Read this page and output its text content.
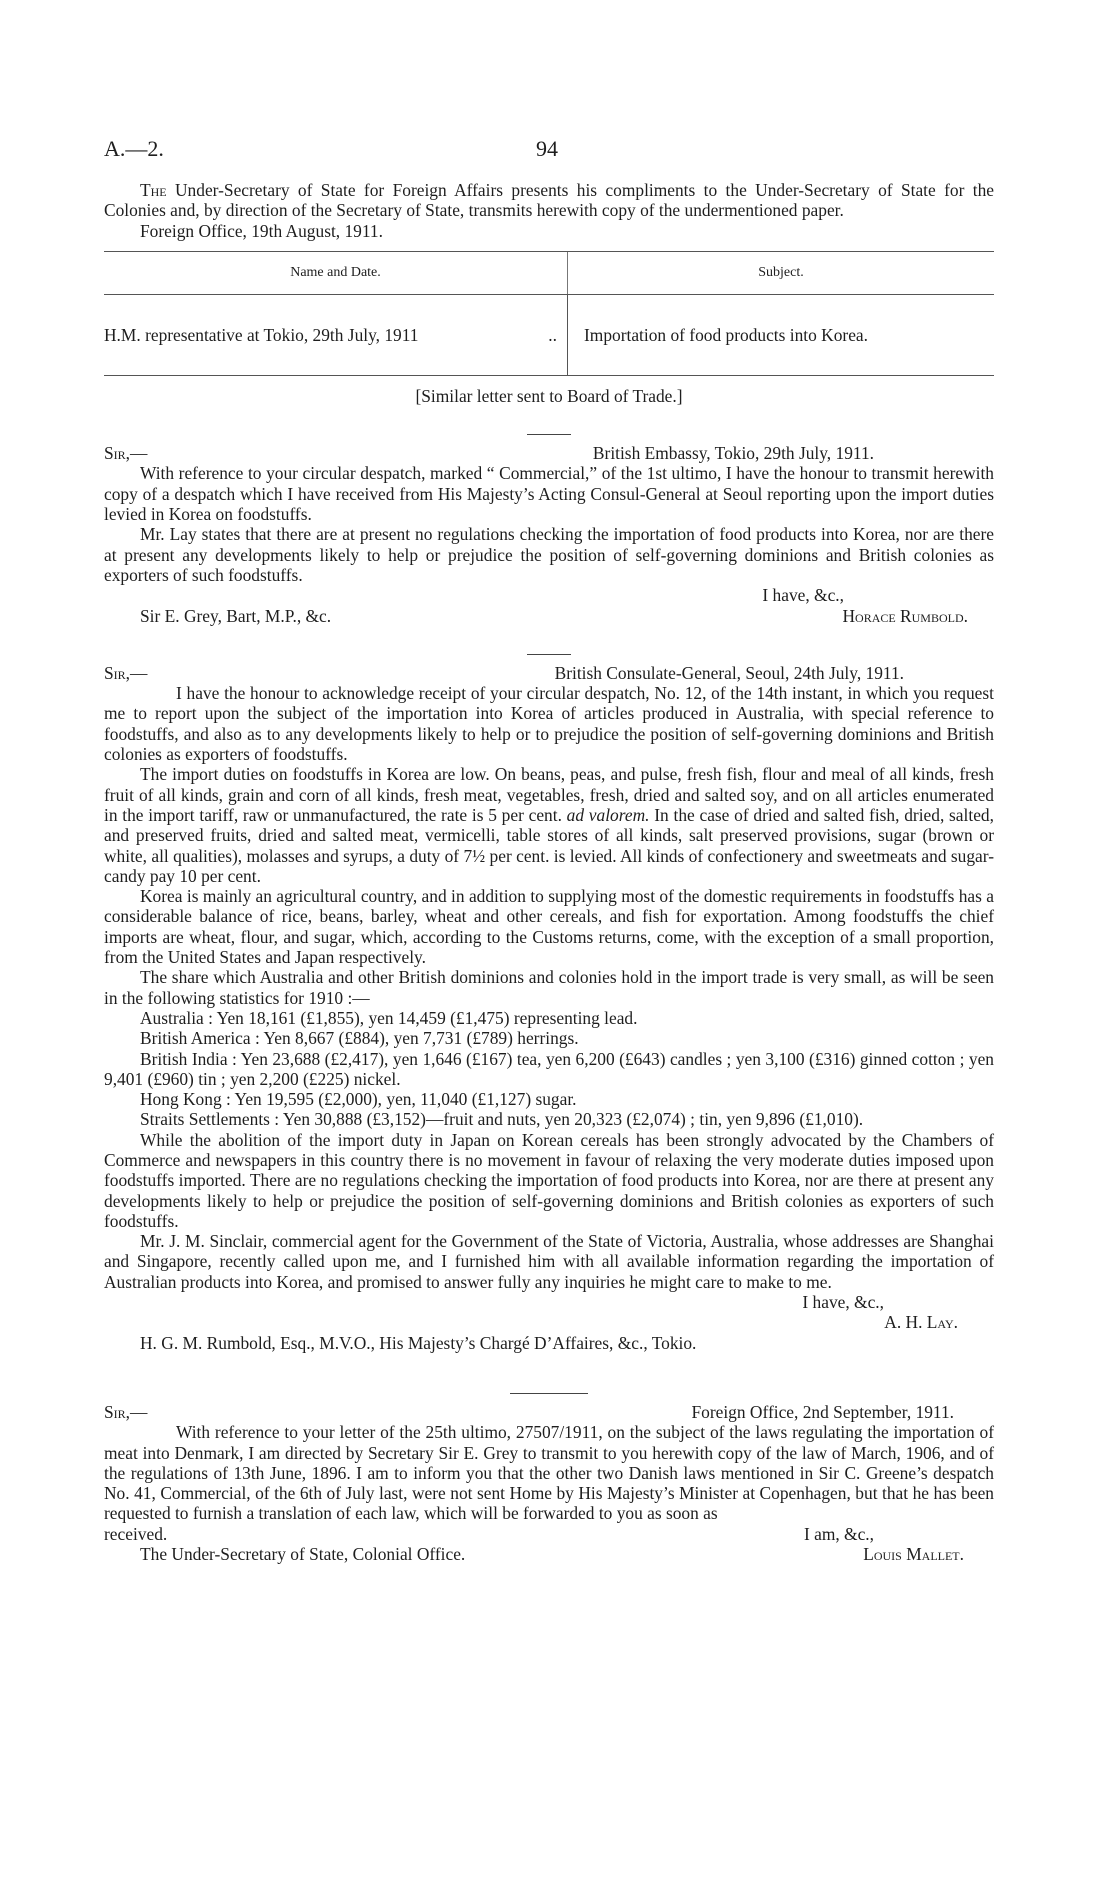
A.—2.	94

The Under-Secretary of State for Foreign Affairs presents his compliments to the Under-Secretary of State for the Colonies and, by direction of the Secretary of State, transmits herewith copy of the undermentioned paper.

Foreign Office, 19th August, 1911.

Name and Date.	Subject.
H.M. representative at Tokio, 29th July, 1911	..	Importation of food products into Korea.

[Similar letter sent to Board of Trade.]

Sir,—	British Embassy, Tokio, 29th July, 1911.

With reference to your circular despatch, marked “ Commercial,” of the 1st ultimo, I have the honour to transmit herewith copy of a despatch which I have received from His Majesty’s Acting Consul-General at Seoul reporting upon the import duties levied in Korea on foodstuffs.

Mr. Lay states that there are at present no regulations checking the importation of food products into Korea, nor are there at present any developments likely to help or prejudice the position of self-governing dominions and British colonies as exporters of such foodstuffs.

I have, &c.,

Sir E. Grey, Bart, M.P., &c.	Horace Rumbold.
Sir,—	British Consulate-General, Seoul, 24th July, 1911.

I have the honour to acknowledge receipt of your circular despatch, No. 12, of the 14th instant, in which you request me to report upon the subject of the importation into Korea of articles produced in Australia, with special reference to foodstuffs, and also as to any developments likely to help or to prejudice the position of self-governing dominions and British colonies as exporters of foodstuffs.

The import duties on foodstuffs in Korea are low. On beans, peas, and pulse, fresh fish, flour and meal of all kinds, fresh fruit of all kinds, grain and corn of all kinds, fresh meat, vegetables, fresh, dried and salted soy, and on all articles enumerated in the import tariff, raw or unmanufactured, the rate is 5 per cent. ad valorem. In the case of dried and salted fish, dried, salted, and preserved fruits, dried and salted meat, vermicelli, table stores of all kinds, salt preserved provisions, sugar (brown or white, all qualities), molasses and syrups, a duty of 7½ per cent. is levied. All kinds of confectionery and sweetmeats and sugar-candy pay 10 per cent.

Korea is mainly an agricultural country, and in addition to supplying most of the domestic requirements in foodstuffs has a considerable balance of rice, beans, barley, wheat and other cereals, and fish for exportation. Among foodstuffs the chief imports are wheat, flour, and sugar, which, according to the Customs returns, come, with the exception of a small proportion, from the United States and Japan respectively.

The share which Australia and other British dominions and colonies hold in the import trade is very small, as will be seen in the following statistics for 1910 :—

Australia : Yen 18,161 (£1,855), yen 14,459 (£1,475) representing lead.

British America : Yen 8,667 (£884), yen 7,731 (£789) herrings.

British India : Yen 23,688 (£2,417), yen 1,646 (£167) tea, yen 6,200 (£643) candles ; yen 3,100 (£316) ginned cotton ; yen 9,401 (£960) tin ; yen 2,200 (£225) nickel.

Hong Kong : Yen 19,595 (£2,000), yen, 11,040 (£1,127) sugar.

Straits Settlements : Yen 30,888 (£3,152)—fruit and nuts, yen 20,323 (£2,074) ; tin, yen 9,896 (£1,010).

While the abolition of the import duty in Japan on Korean cereals has been strongly advocated by the Chambers of Commerce and newspapers in this country there is no movement in favour of relaxing the very moderate duties imposed upon foodstuffs imported. There are no regulations checking the importation of food products into Korea, nor are there at present any developments likely to help or prejudice the position of self-governing dominions and British colonies as exporters of such foodstuffs.

Mr. J. M. Sinclair, commercial agent for the Government of the State of Victoria, Australia, whose addresses are Shanghai and Singapore, recently called upon me, and I furnished him with all available information regarding the importation of Australian products into Korea, and promised to answer fully any inquiries he might care to make to me.

I have, &c.,

A. H. Lay.

H. G. M. Rumbold, Esq., M.V.O., His Majesty’s Chargé D’Affaires, &c., Tokio.

Sir,—	Foreign Office, 2nd September, 1911.

With reference to your letter of the 25th ultimo, 27507/1911, on the subject of the laws regulating the importation of meat into Denmark, I am directed by Secretary Sir E. Grey to transmit to you herewith copy of the law of March, 1906, and of the regulations of 13th June, 1896. I am to inform you that the other two Danish laws mentioned in Sir C. Greene’s despatch No. 41, Commercial, of the 6th of July last, were not sent Home by His Majesty’s Minister at Copenhagen, but that he has been requested to furnish a translation of each law, which will be forwarded to you as soon as

received.	I am, &c.,
The Under-Secretary of State, Colonial Office.	Louis Mallet.
